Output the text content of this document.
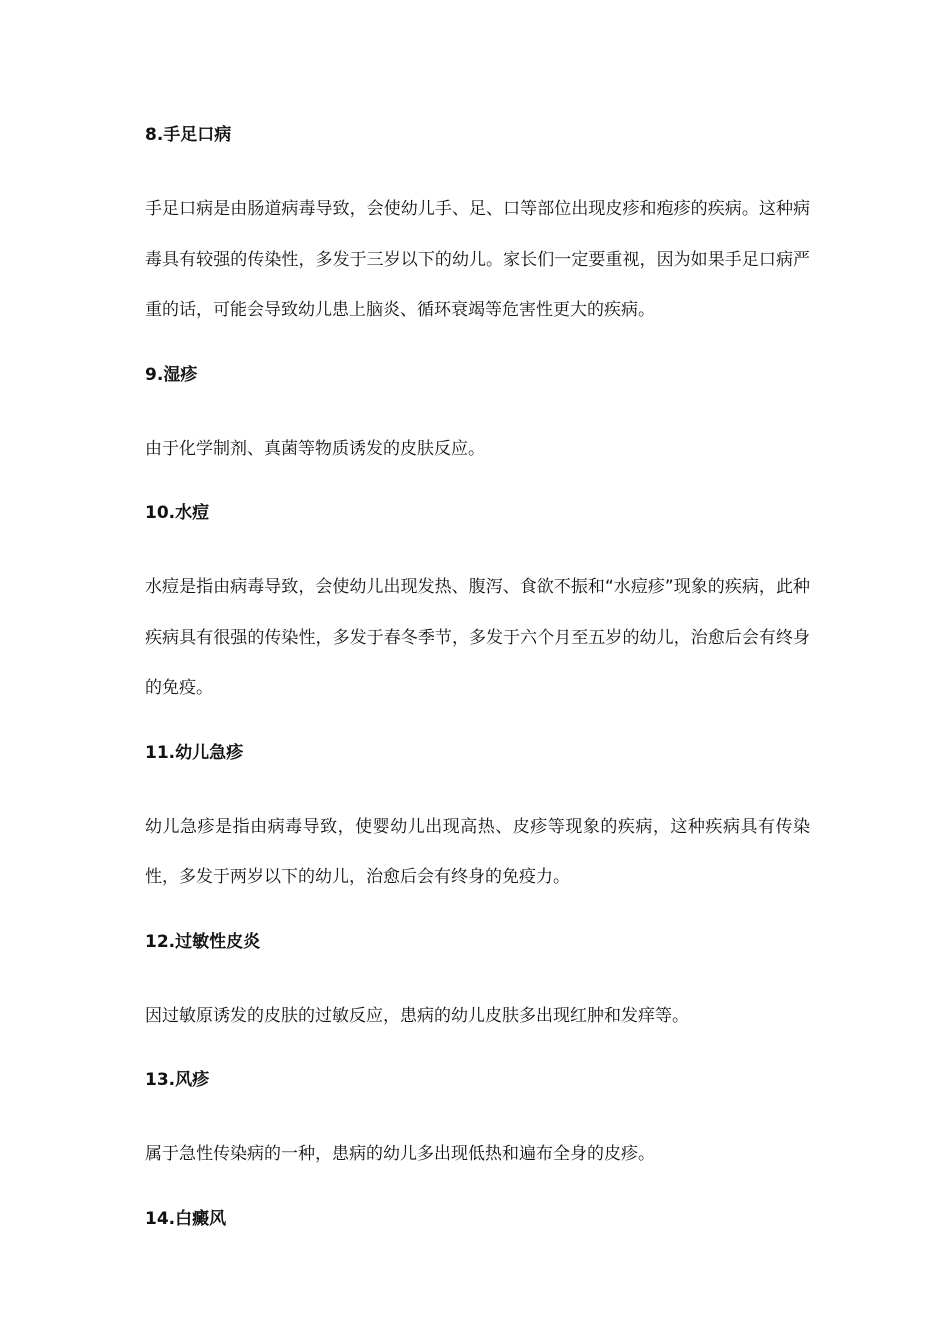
8.手足口病

手足口病是由肠道病毒导致，会使幼儿手、足、口等部位出现皮疹和疱疹的疾病。这种病毒具有较强的传染性，多发于三岁以下的幼儿。家长们一定要重视，因为如果手足口病严重的话，可能会导致幼儿患上脑炎、循环衰竭等危害性更大的疾病。

9.湿疹

由于化学制剂、真菌等物质诱发的皮肤反应。

10.水痘

水痘是指由病毒导致，会使幼儿出现发热、腹泻、食欲不振和“水痘疹”现象的疾病，此种疾病具有很强的传染性，多发于春冬季节，多发于六个月至五岁的幼儿，治愈后会有终身的免疫。

11.幼儿急疹

幼儿急疹是指由病毒导致，使婴幼儿出现高热、皮疹等现象的疾病，这种疾病具有传染性，多发于两岁以下的幼儿，治愈后会有终身的免疫力。

12.过敏性皮炎

因过敏原诱发的皮肤的过敏反应，患病的幼儿皮肤多出现红肿和发痒等。

13.风疹

属于急性传染病的一种，患病的幼儿多出现低热和遍布全身的皮疹。

14.白癜风
